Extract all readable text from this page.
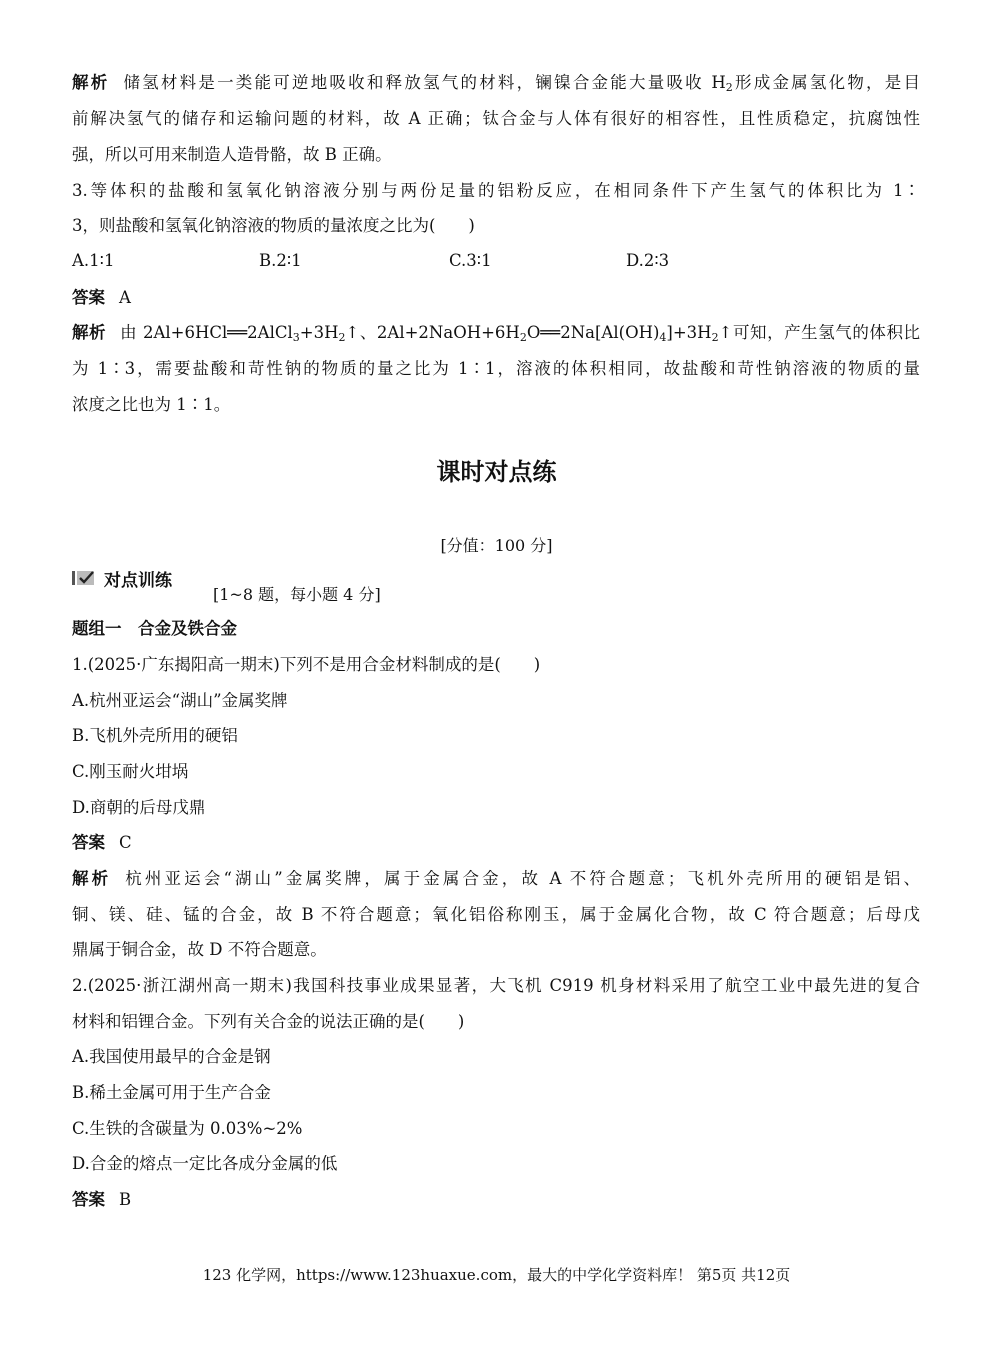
解析 储氢材料是一类能可逆地吸收和释放氢气的材料，镧镍合金能大量吸收 $H_2$形成金属氢化物，是目
前解决氢气的储存和运输问题的材料，故 A 正确；钛合金与人体有很好的相容性，且性质稳定，抗腐蚀性
强，所以可用来制造人造骨骼，故 B 正确。
3.等体积的盐酸和氢氧化钠溶液分别与两份足量的铝粉反应，在相同条件下产生氢气的体积比为 1∶
3，则盐酸和氢氧化钠溶液的物质的量浓度之比为(　　)
A.1∶1	B.2∶1	C.3∶1	D.2∶3
答案 A
解析 由 $2Al+6HCl══2AlCl_3+3H_2↑$、$2Al+2NaOH+6H_2O══2Na[Al(OH)_4]+3H_2↑$可知，产生氢气的体积比
为 1∶3，需要盐酸和苛性钠的物质的量之比为 1∶1，溶液的体积相同，故盐酸和苛性钠溶液的物质的量
浓度之比也为 1∶1。
课时对点练
[分值：100 分]
对点训练
[1~8 题，每小题 4 分]
题组一　合金及铁合金
1.(2025·广东揭阳高一期末)下列不是用合金材料制成的是(　　)
A.杭州亚运会“湖山”金属奖牌
B.飞机外壳所用的硬铝
C.刚玉耐火坩埚
D.商朝的后母戊鼎
答案 C
解析 杭州亚运会“湖山”金属奖牌，属于金属合金，故 A 不符合题意；飞机外壳所用的硬铝是铝、
铜、镁、硅、锰的合金，故 B 不符合题意；氧化铝俗称刚玉，属于金属化合物，故 C 符合题意；后母戊
鼎属于铜合金，故 D 不符合题意。
2.(2025·浙江湖州高一期末)我国科技事业成果显著，大飞机 C919 机身材料采用了航空工业中最先进的复合
材料和铝锂合金。下列有关合金的说法正确的是(　　)
A.我国使用最早的合金是钢
B.稀土金属可用于生产合金
C.生铁的含碳量为 0.03%~2%
D.合金的熔点一定比各成分金属的低
答案 B
123 化学网，https://www.123huaxue.com，最大的中学化学资料库！ 第5页 共12页
